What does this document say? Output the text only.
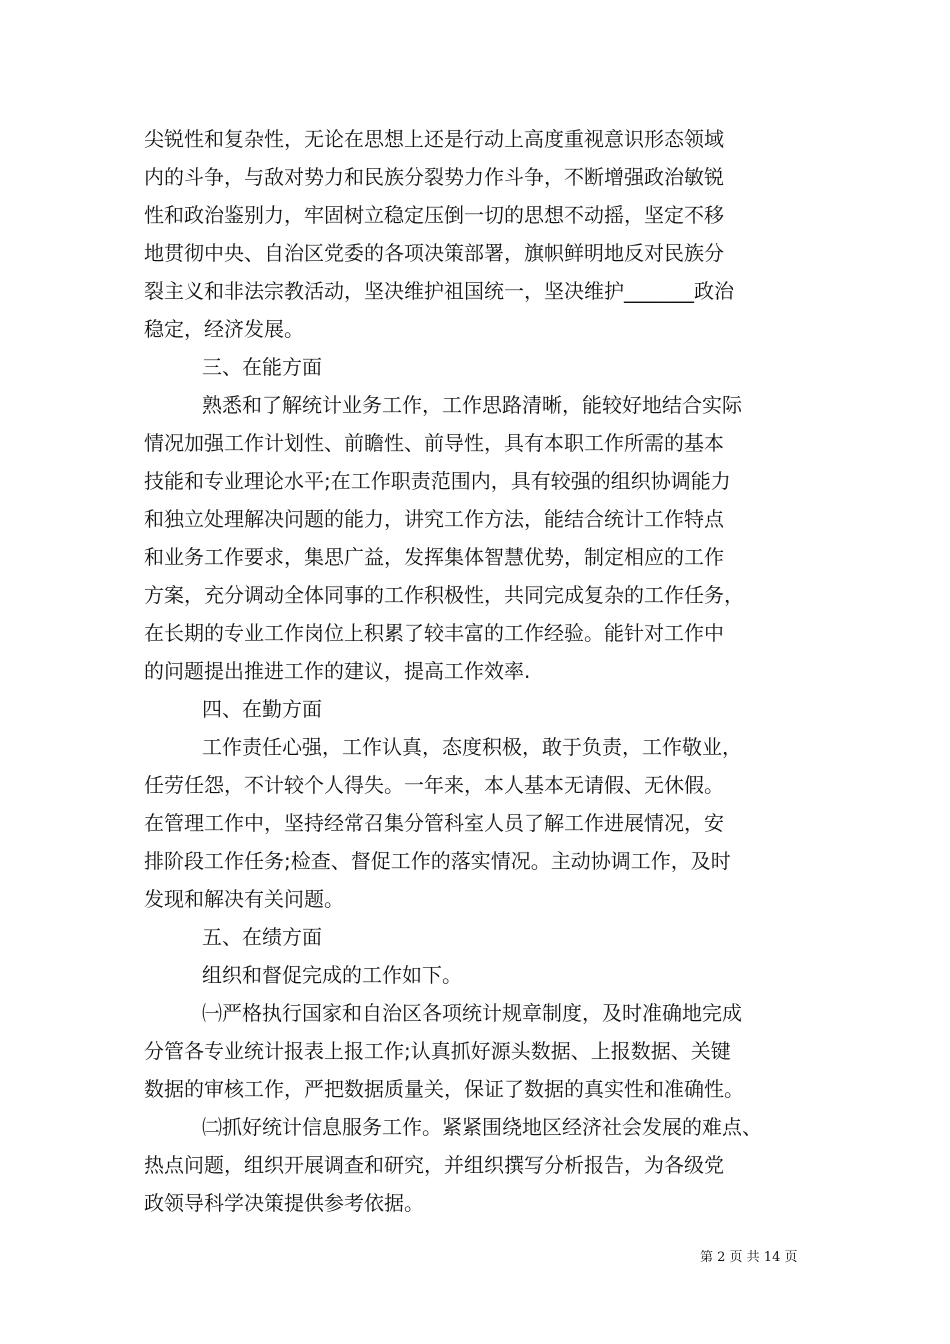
尖锐性和复杂性，无论在思想上还是行动上高度重视意识形态领域
内的斗争，与敌对势力和民族分裂势力作斗争，不断增强政治敏锐
性和政治鉴别力，牢固树立稳定压倒一切的思想不动摇，坚定不移
地贯彻中央、自治区党委的各项决策部署，旗帜鲜明地反对民族分
裂主义和非法宗教活动，坚决维护祖国统一，坚决维护_______政治
稳定，经济发展。
三、在能方面
熟悉和了解统计业务工作，工作思路清晰，能较好地结合实际
情况加强工作计划性、前瞻性、前导性，具有本职工作所需的基本
技能和专业理论水平;在工作职责范围内，具有较强的组织协调能力
和独立处理解决问题的能力，讲究工作方法，能结合统计工作特点
和业务工作要求，集思广益，发挥集体智慧优势，制定相应的工作
方案，充分调动全体同事的工作积极性，共同完成复杂的工作任务，
在长期的专业工作岗位上积累了较丰富的工作经验。能针对工作中
的问题提出推进工作的建议，提高工作效率.
四、在勤方面
工作责任心强，工作认真，态度积极，敢于负责，工作敬业，
任劳任怨，不计较个人得失。一年来，本人基本无请假、无休假。
在管理工作中，坚持经常召集分管科室人员了解工作进展情况，安
排阶段工作任务;检查、督促工作的落实情况。主动协调工作，及时
发现和解决有关问题。
五、在绩方面
组织和督促完成的工作如下。
㈠严格执行国家和自治区各项统计规章制度，及时准确地完成
分管各专业统计报表上报工作;认真抓好源头数据、上报数据、关键
数据的审核工作，严把数据质量关，保证了数据的真实性和准确性。
㈡抓好统计信息服务工作。紧紧围绕地区经济社会发展的难点、
热点问题，组织开展调查和研究，并组织撰写分析报告，为各级党
政领导科学决策提供参考依据。
第 2 页 共 14 页
